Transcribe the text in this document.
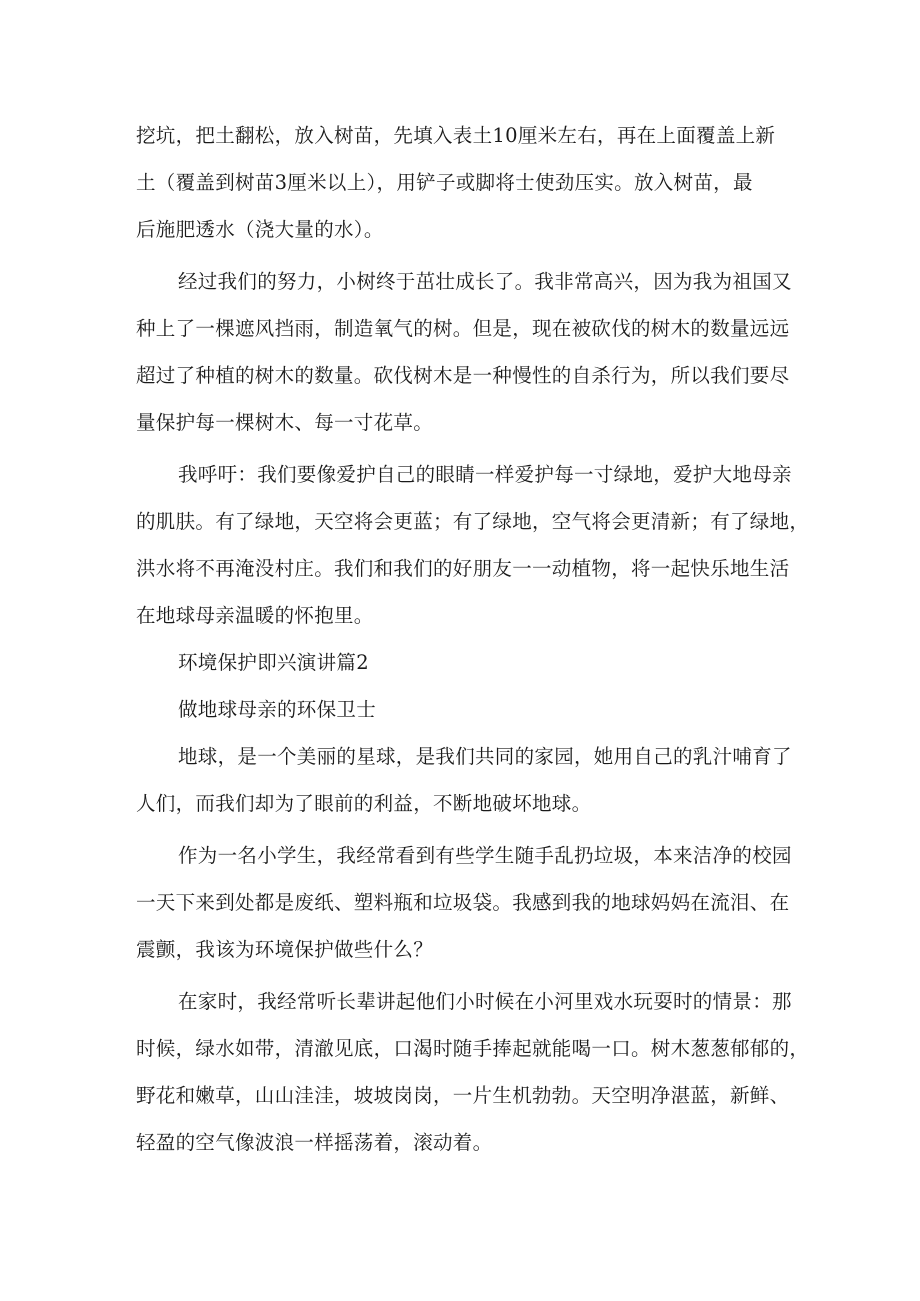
挖坑，把土翻松，放入树苗，先填入表土10厘米左右，再在上面覆盖上新
土（覆盖到树苗3厘米以上），用铲子或脚将士使劲压实。放入树苗，最
后施肥透水（浇大量的水）。
经过我们的努力，小树终于茁壮成长了。我非常高兴，因为我为祖国又
种上了一棵遮风挡雨，制造氧气的树。但是，现在被砍伐的树木的数量远远
超过了种植的树木的数量。砍伐树木是一种慢性的自杀行为，所以我们要尽
量保护每一棵树木、每一寸花草。
我呼吁：我们要像爱护自己的眼睛一样爱护每一寸绿地，爱护大地母亲
的肌肤。有了绿地，天空将会更蓝；有了绿地，空气将会更清新；有了绿地，
洪水将不再淹没村庄。我们和我们的好朋友一一动植物，将一起快乐地生活
在地球母亲温暖的怀抱里。
环境保护即兴演讲篇2
做地球母亲的环保卫士
地球，是一个美丽的星球，是我们共同的家园，她用自己的乳汁哺育了
人们，而我们却为了眼前的利益，不断地破坏地球。
作为一名小学生，我经常看到有些学生随手乱扔垃圾，本来洁净的校园
一天下来到处都是废纸、塑料瓶和垃圾袋。我感到我的地球妈妈在流泪、在
震颤，我该为环境保护做些什么？
在家时，我经常听长辈讲起他们小时候在小河里戏水玩耍时的情景：那
时候，绿水如带，清澈见底，口渴时随手捧起就能喝一口。树木葱葱郁郁的，
野花和嫩草，山山洼洼，坡坡岗岗，一片生机勃勃。天空明净湛蓝，新鲜、
轻盈的空气像波浪一样摇荡着，滚动着。
